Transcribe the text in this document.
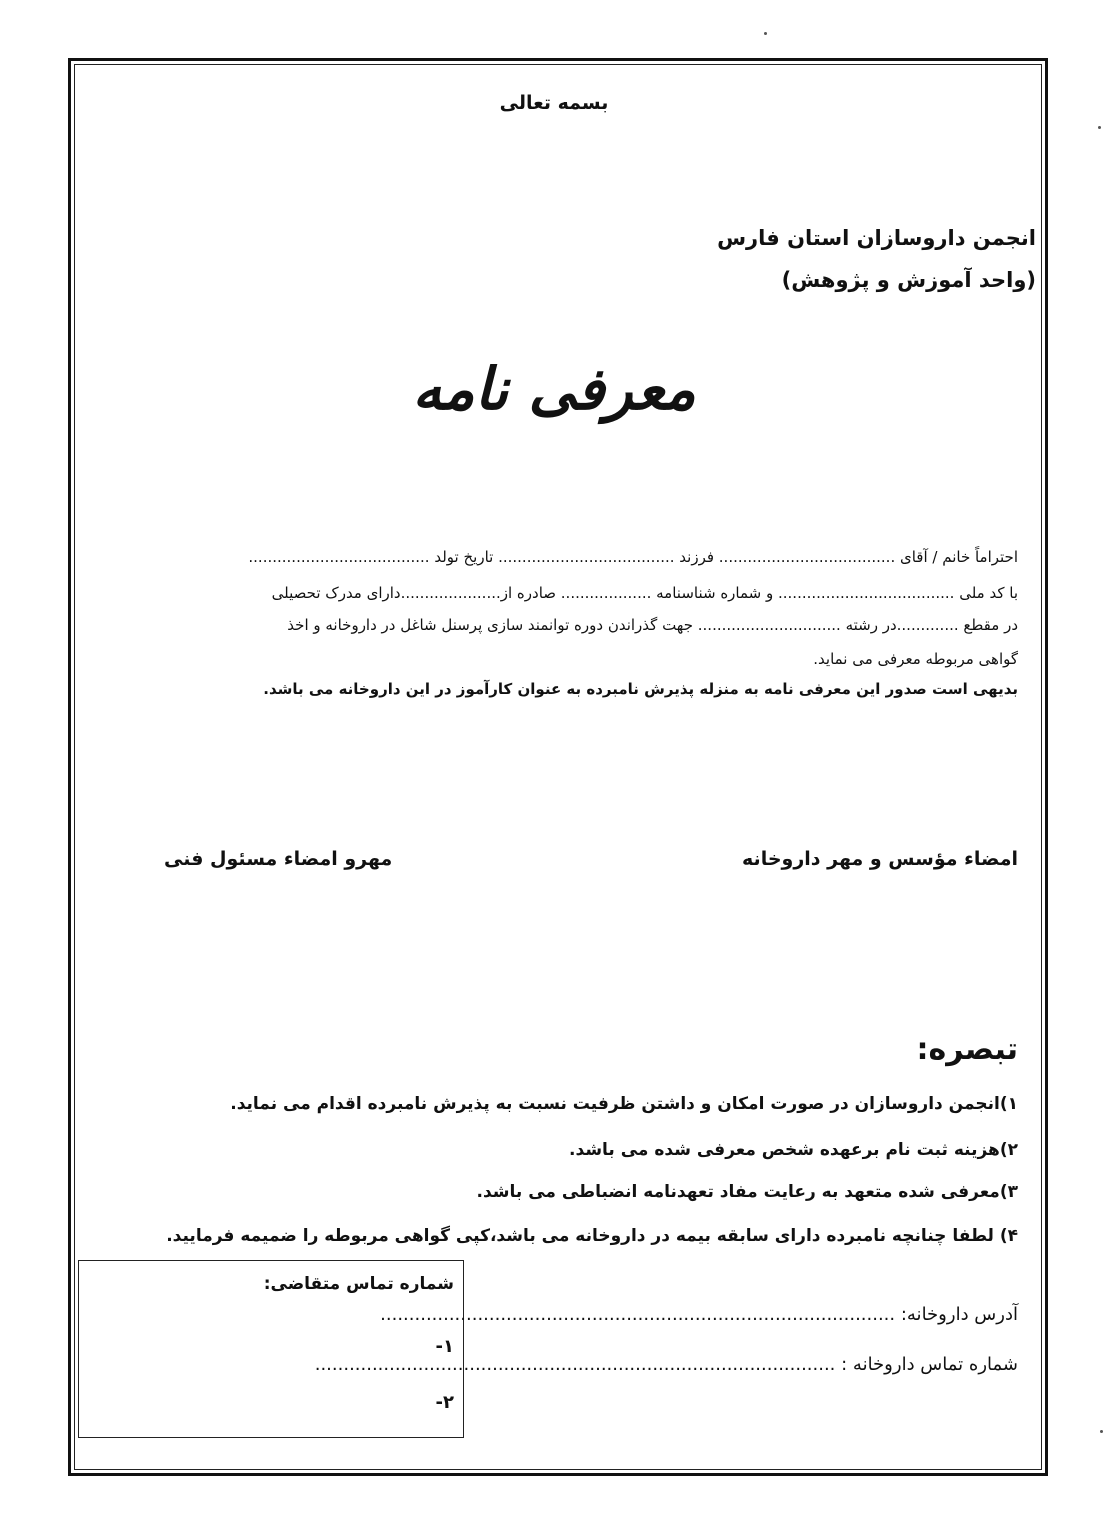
بسمه تعالی
انجمن داروسازان استان فارس
(واحد آموزش و پژوهش)
معرفی نامه
احتراماً خانم / آقای ..................................... فرزند ..................................... تاریخ تولد ......................................
با کد ملی ..................................... و شماره شناسنامه ................... صادره از.....................دارای مدرک تحصیلی
در مقطع .............در رشته .............................. جهت گذراندن دوره توانمند سازی پرسنل شاغل در داروخانه و اخذ
گواهی مربوطه معرفی می نماید.
بدیهی است صدور این معرفی نامه به منزله پذیرش نامبرده به عنوان کارآموز در این داروخانه می باشد.
مهرو امضاء مسئول فنی	امضاء مؤسس و مهر داروخانه
تبصره:
۱)انجمن داروسازان در صورت امکان و داشتن ظرفیت نسبت به پذیرش نامبرده اقدام می نماید.
۲)هزینه ثبت نام برعهده شخص معرفی شده می باشد.
۳)معرفی شده متعهد به رعایت مفاد تعهدنامه انضباطی می باشد.
۴) لطفا چنانچه نامبرده دارای سابقه بیمه در داروخانه می باشد،کپی گواهی مربوطه را ضمیمه فرمایید.
شماره تماس متقاضی:
۱-
۲-
آدرس داروخانه: ..........................................................................................
شماره تماس داروخانه : ...........................................................................................
